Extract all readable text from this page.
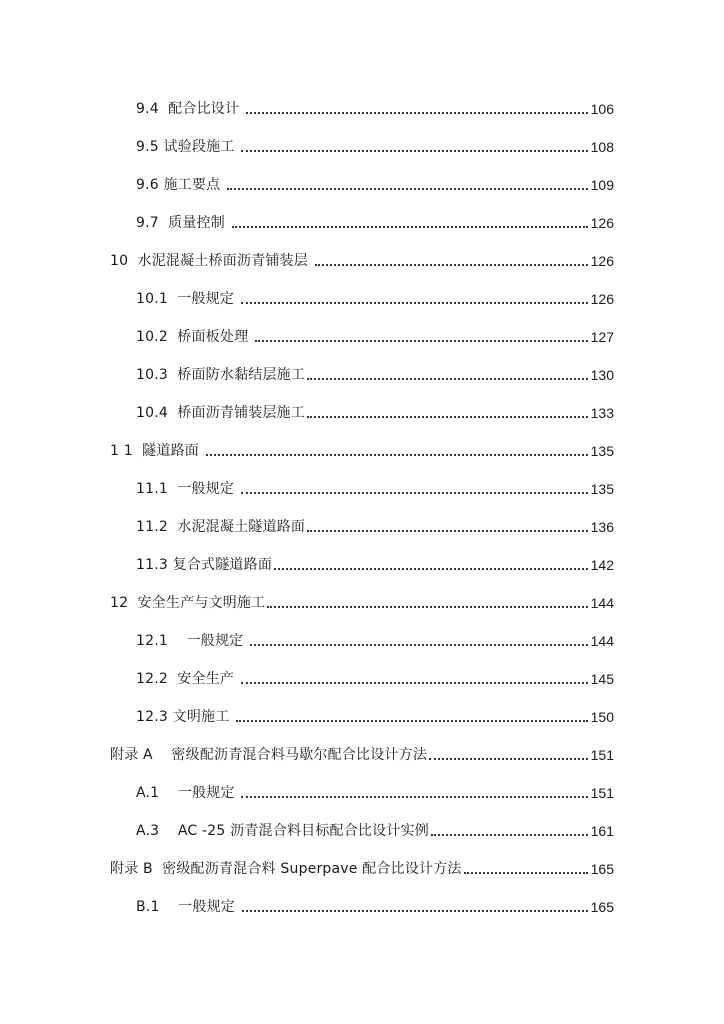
9.4  配合比设计	106
9.5 试验段施工	108
9.6 施工要点	109
9.7  质量控制	126
10  水泥混凝土桥面沥青铺装层	126
10.1  一般规定	126
10.2  桥面板处理	127
10.3  桥面防水黏结层施工	130
10.4  桥面沥青铺装层施工	133
1 1  隧道路面	135
11.1  一般规定	135
11.2  水泥混凝土隧道路面	136
11.3 复合式隧道路面	142
12  安全生产与文明施工	144
12.1    一般规定	144
12.2  安全生产	145
12.3 文明施工	150
附录 A    密级配沥青混合料马歇尔配合比设计方法	151
A.1    一般规定	151
A.3    AC -25 沥青混合料目标配合比设计实例	161
附录 B  密级配沥青混合料 Superpave 配合比设计方法	165
B.1    一般规定	165
